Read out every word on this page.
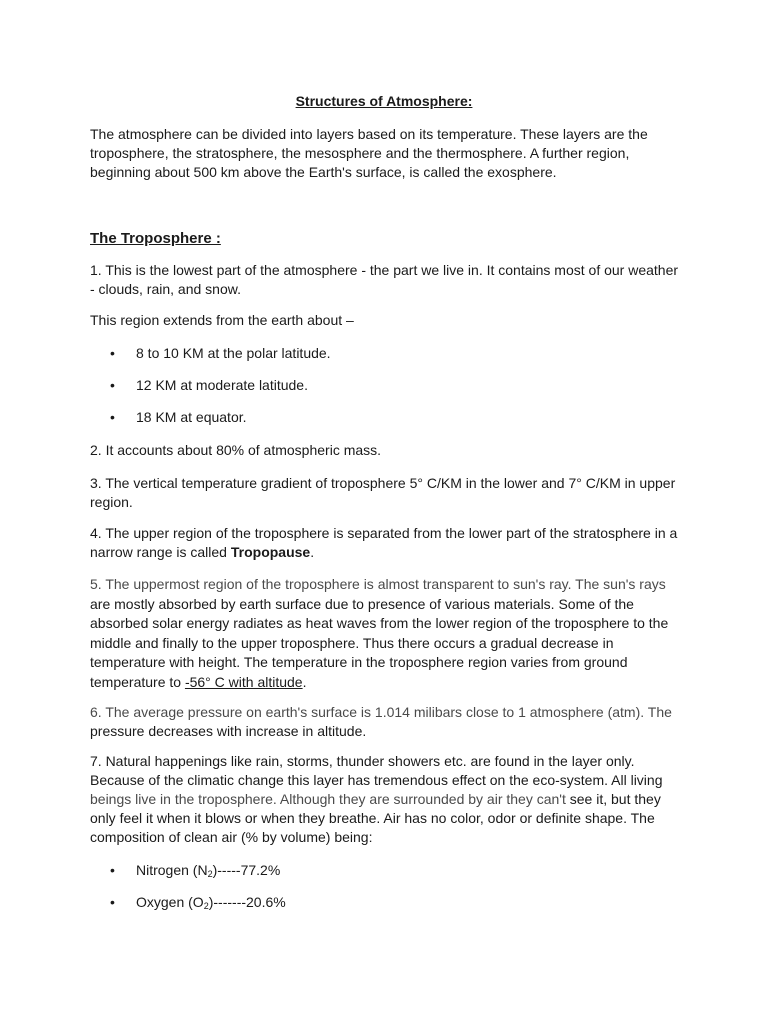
Structures of Atmosphere:

The atmosphere can be divided into layers based on its temperature. These layers are the troposphere, the stratosphere, the mesosphere and the thermosphere. A further region, beginning about 500 km above the Earth's surface, is called the exosphere.

The Troposphere :

1. This is the lowest part of the atmosphere - the part we live in. It contains most of our weather - clouds, rain, and snow.

This region extends from the earth about –

• 8 to 10 KM at the polar latitude.

• 12 KM at moderate latitude.

• 18 KM at equator.

2. It accounts about 80% of atmospheric mass.

3. The vertical temperature gradient of troposphere 5° C/KM in the lower and 7° C/KM in upper region.

4. The upper region of the troposphere is separated from the lower part of the stratosphere in a narrow range is called Tropopause.

5. The uppermost region of the troposphere is almost transparent to sun's ray. The sun's rays are mostly absorbed by earth surface due to presence of various materials. Some of the absorbed solar energy radiates as heat waves from the lower region of the troposphere to the middle and finally to the upper troposphere. Thus there occurs a gradual decrease in temperature with height. The temperature in the troposphere region varies from ground temperature to -56° C with altitude.

6. The average pressure on earth's surface is 1.014 milibars close to 1 atmosphere (atm). The pressure decreases with increase in altitude.

7. Natural happenings like rain, storms, thunder showers etc. are found in the layer only. Because of the climatic change this layer has tremendous effect on the eco-system. All living beings live in the troposphere. Although they are surrounded by air they can't see it, but they only feel it when it blows or when they breathe. Air has no color, odor or definite shape. The composition of clean air (% by volume) being:

• Nitrogen $(N_2)-----77.2\%$

• Oxygen $(O_2)-------20.6\%$
